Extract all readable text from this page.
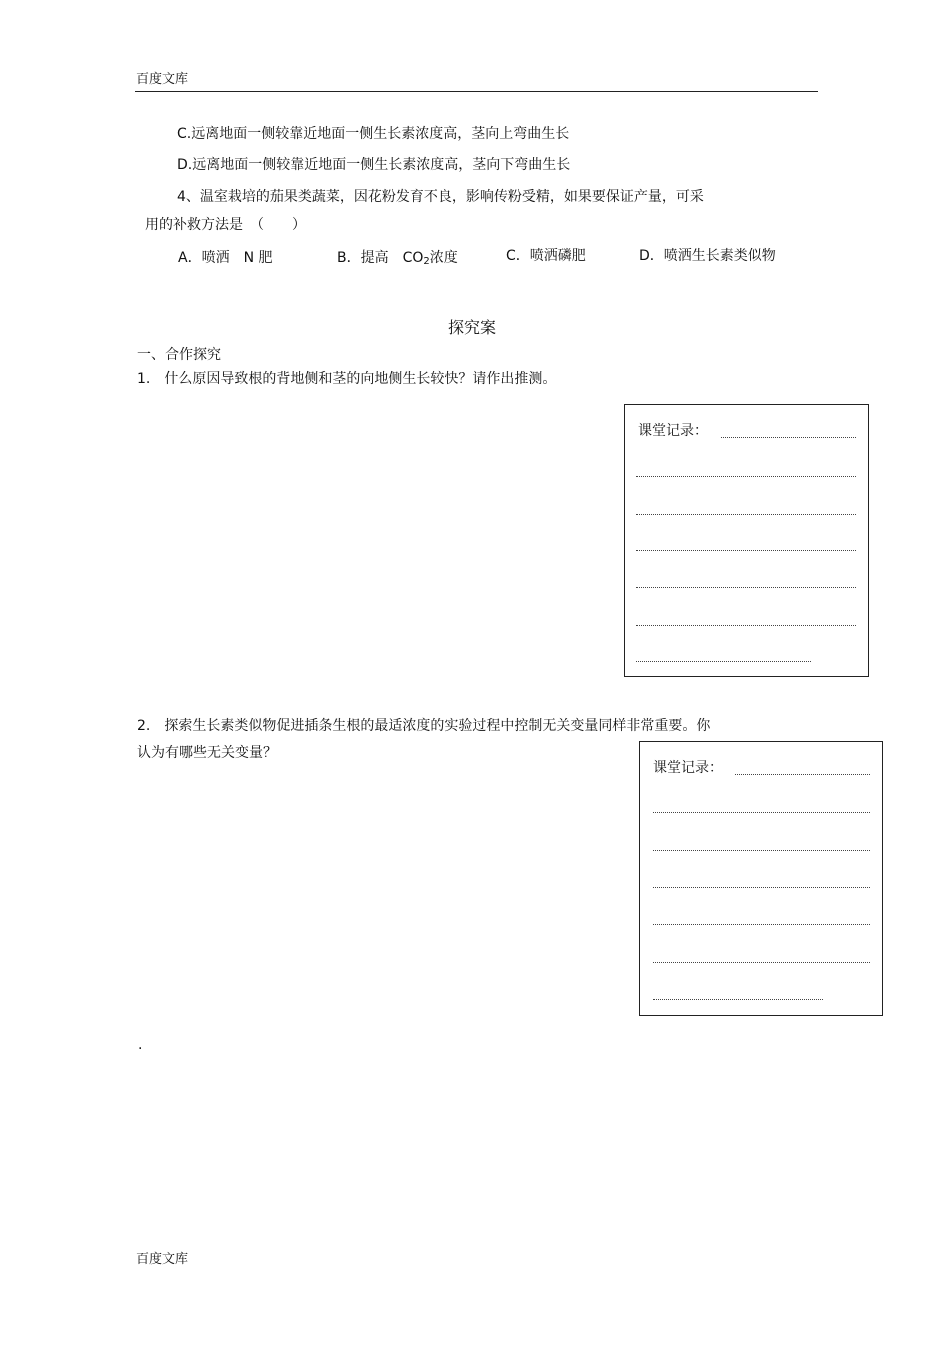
百度文库
C.远离地面一侧较靠近地面一侧生长素浓度高，茎向上弯曲生长
D.远离地面一侧较靠近地面一侧生长素浓度高，茎向下弯曲生长
4、温室栽培的茄果类蔬菜，因花粉发育不良，影响传粉受精，如果要保证产量，可采
用的补救方法是　（　　）
A．喷洒　N 肥	B．提高　$CO_2$浓度	C．喷洒磷肥	D．喷洒生长素类似物
探究案
一、合作探究
1.　什么原因导致根的背地侧和茎的向地侧生长较快？请作出推测。
课堂记录：
2.　探索生长素类似物促进插条生根的最适浓度的实验过程中控制无关变量同样非常重要。你
认为有哪些无关变量？
课堂记录：
.
百度文库
